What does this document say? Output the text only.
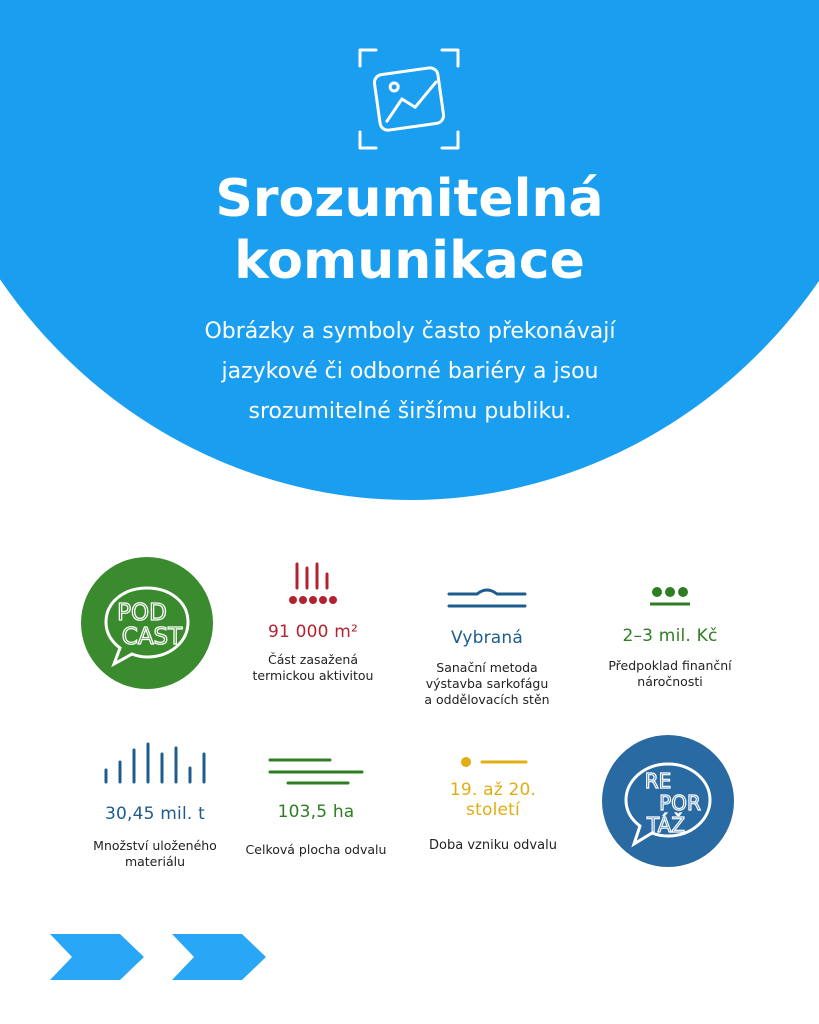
Srozumitelná
komunikace
Obrázky a symboly často překonávají
jazykové či odborné bariéry a jsou
srozumitelné širšímu publiku.
POD
CAST	91 000 m²
Část zasažená
termickou aktivitou
Vybraná
Sanační metoda
výstavba sarkofágu
a oddělovacích stěn
2–3 mil. Kč
Předpoklad finanční
náročnosti
30,45 mil. t
Množství uloženého
materiálu
103,5 ha
Celková plocha odvalu
19. až 20.
století
Doba vzniku odvalu
RE
POR
TÁŽ
